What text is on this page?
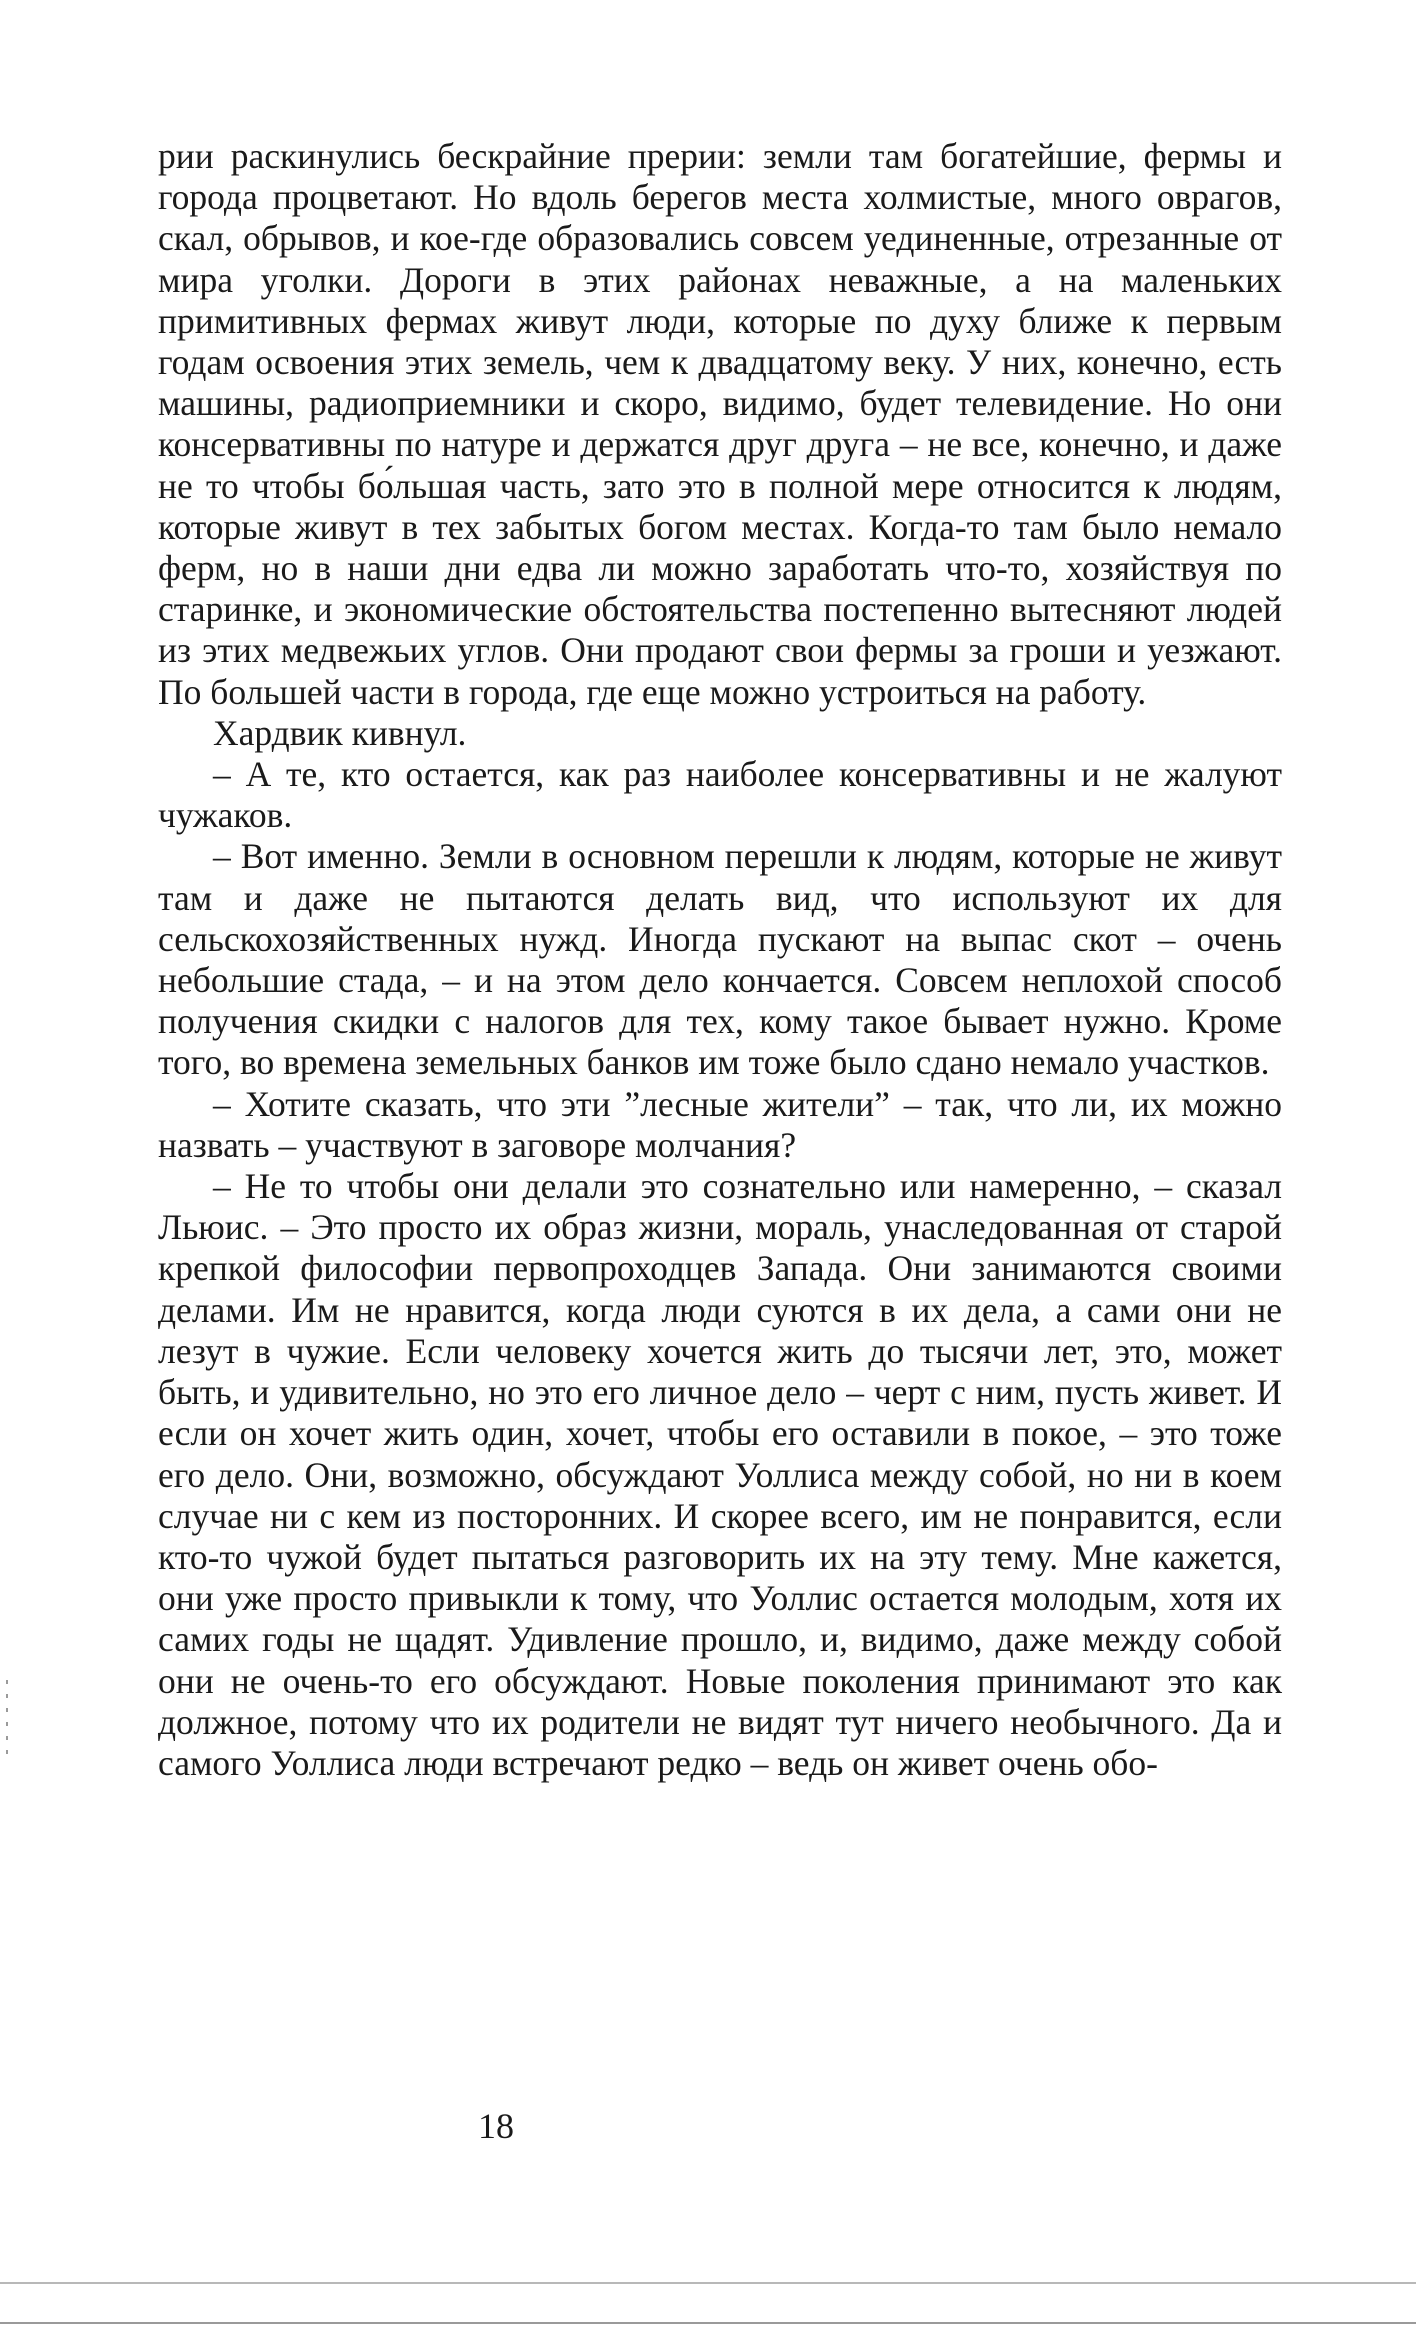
рии раскинулись бескрайние прерии: земли там богатейшие, фермы и города процветают. Но вдоль берегов места холмистые, много оврагов, скал, обрывов, и кое-где образовались совсем уединенные, отрезанные от мира уголки. Дороги в этих районах неважные, а на маленьких примитивных фермах живут люди, которые по духу ближе к первым годам освоения этих земель, чем к двадцатому веку. У них, конечно, есть машины, радиоприемники и скоро, видимо, будет телевидение. Но они консервативны по натуре и держатся друг друга – не все, конечно, и даже не то чтобы бо́льшая часть, зато это в полной мере относится к людям, которые живут в тех забытых богом местах. Когда-то там было немало ферм, но в наши дни едва ли можно заработать что-то, хозяйствуя по старинке, и экономические обстоятельства постепенно вытесняют людей из этих медвежьих углов. Они продают свои фермы за гроши и уезжают. По большей части в города, где еще можно устроиться на работу.

Хардвик кивнул.

– А те, кто остается, как раз наиболее консервативны и не жалуют чужаков.

– Вот именно. Земли в основном перешли к людям, которые не живут там и даже не пытаются делать вид, что используют их для сельскохозяйственных нужд. Иногда пускают на выпас скот – очень небольшие стада, – и на этом дело кончается. Совсем неплохой способ получения скидки с налогов для тех, кому такое бывает нужно. Кроме того, во времена земельных банков им тоже было сдано немало участков.

– Хотите сказать, что эти ”лесные жители” – так, что ли, их можно назвать – участвуют в заговоре молчания?

– Не то чтобы они делали это сознательно или намеренно, – сказал Льюис. – Это просто их образ жизни, мораль, унаследованная от старой крепкой философии первопроходцев Запада. Они занимаются своими делами. Им не нравится, когда люди суются в их дела, а сами они не лезут в чужие. Если человеку хочется жить до тысячи лет, это, может быть, и удивительно, но это его личное дело – черт с ним, пусть живет. И если он хочет жить один, хочет, чтобы его оставили в покое, – это тоже его дело. Они, возможно, обсуждают Уоллиса между собой, но ни в коем случае ни с кем из посторонних. И скорее всего, им не понравится, если кто-то чужой будет пытаться разговорить их на эту тему. Мне кажется, они уже просто привыкли к тому, что Уоллис остается молодым, хотя их самих годы не щадят. Удивление прошло, и, видимо, даже между собой они не очень-то его обсуждают. Новые поколения принимают это как должное, потому что их родители не видят тут ничего необычного. Да и самого Уоллиса люди встречают редко – ведь он живет очень обо-

18
